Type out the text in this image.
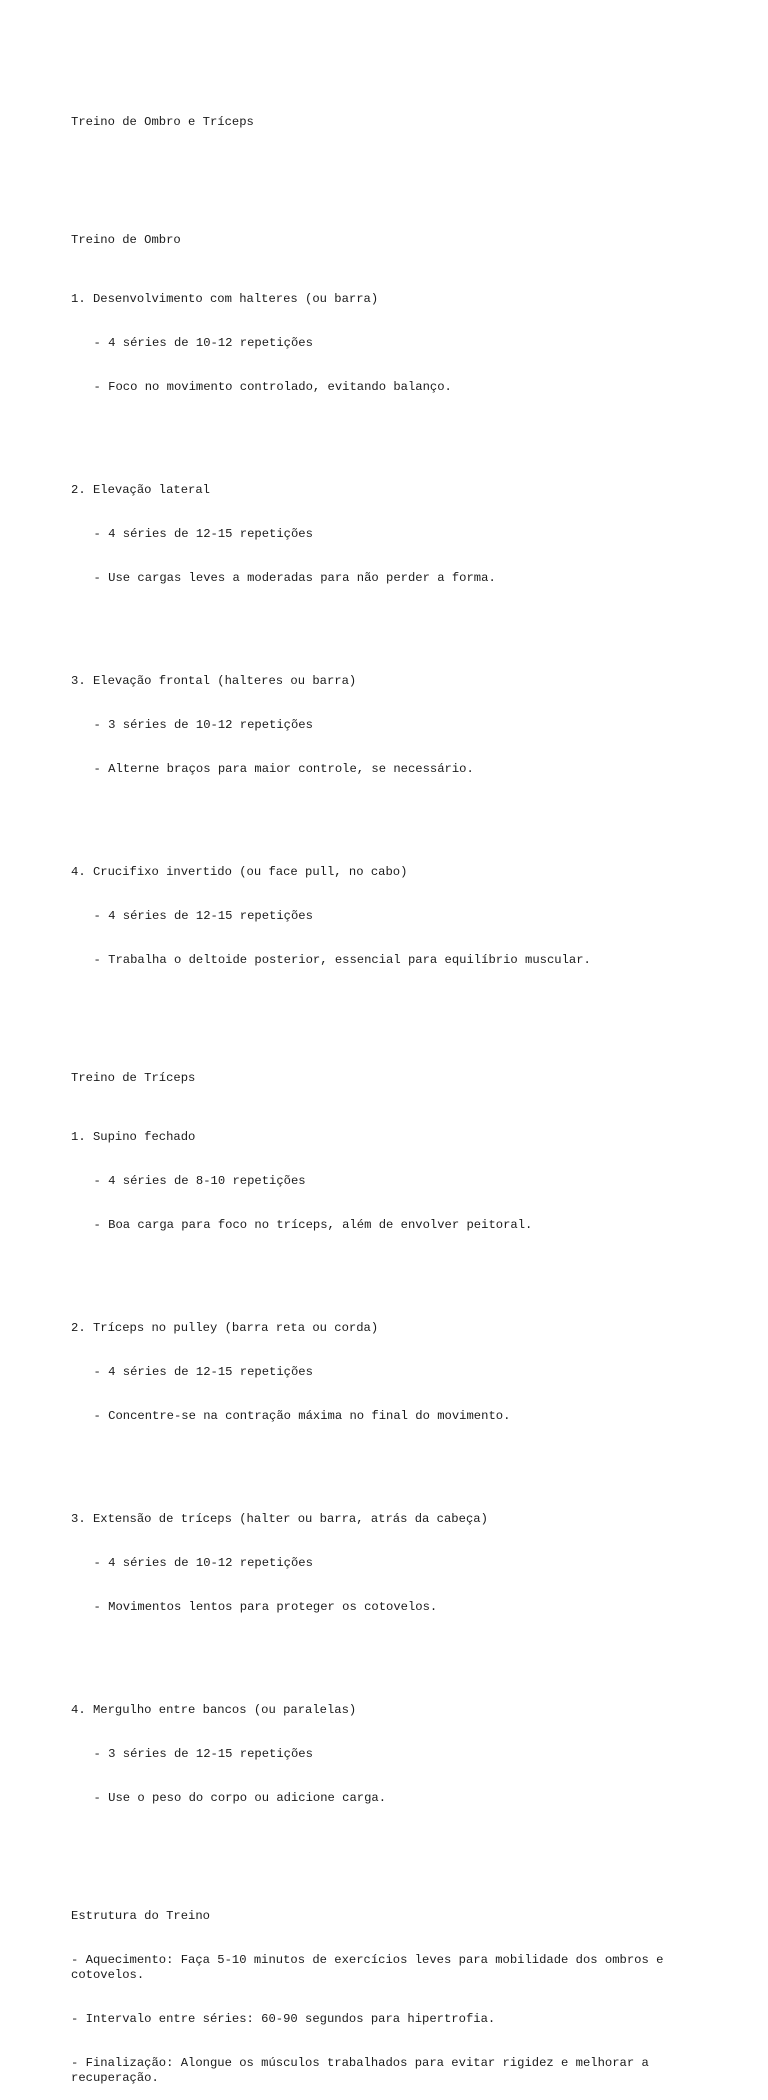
Treino de Ombro e Tríceps

Treino de Ombro

1. Desenvolvimento com halteres (ou barra)

- 4 séries de 10-12 repetições

- Foco no movimento controlado, evitando balanço.

2. Elevação lateral

- 4 séries de 12-15 repetições

- Use cargas leves a moderadas para não perder a forma.

3. Elevação frontal (halteres ou barra)

- 3 séries de 10-12 repetições

- Alterne braços para maior controle, se necessário.

4. Crucifixo invertido (ou face pull, no cabo)

- 4 séries de 12-15 repetições

- Trabalha o deltoide posterior, essencial para equilíbrio muscular.

Treino de Tríceps

1. Supino fechado

- 4 séries de 8-10 repetições

- Boa carga para foco no tríceps, além de envolver peitoral.

2. Tríceps no pulley (barra reta ou corda)

- 4 séries de 12-15 repetições

- Concentre-se na contração máxima no final do movimento.

3. Extensão de tríceps (halter ou barra, atrás da cabeça)

- 4 séries de 10-12 repetições

- Movimentos lentos para proteger os cotovelos.

4. Mergulho entre bancos (ou paralelas)

- 3 séries de 12-15 repetições

- Use o peso do corpo ou adicione carga.

Estrutura do Treino

- Aquecimento: Faça 5-10 minutos de exercícios leves para mobilidade dos ombros e cotovelos.

- Intervalo entre séries: 60-90 segundos para hipertrofia.

- Finalização: Alongue os músculos trabalhados para evitar rigidez e melhorar a recuperação.
